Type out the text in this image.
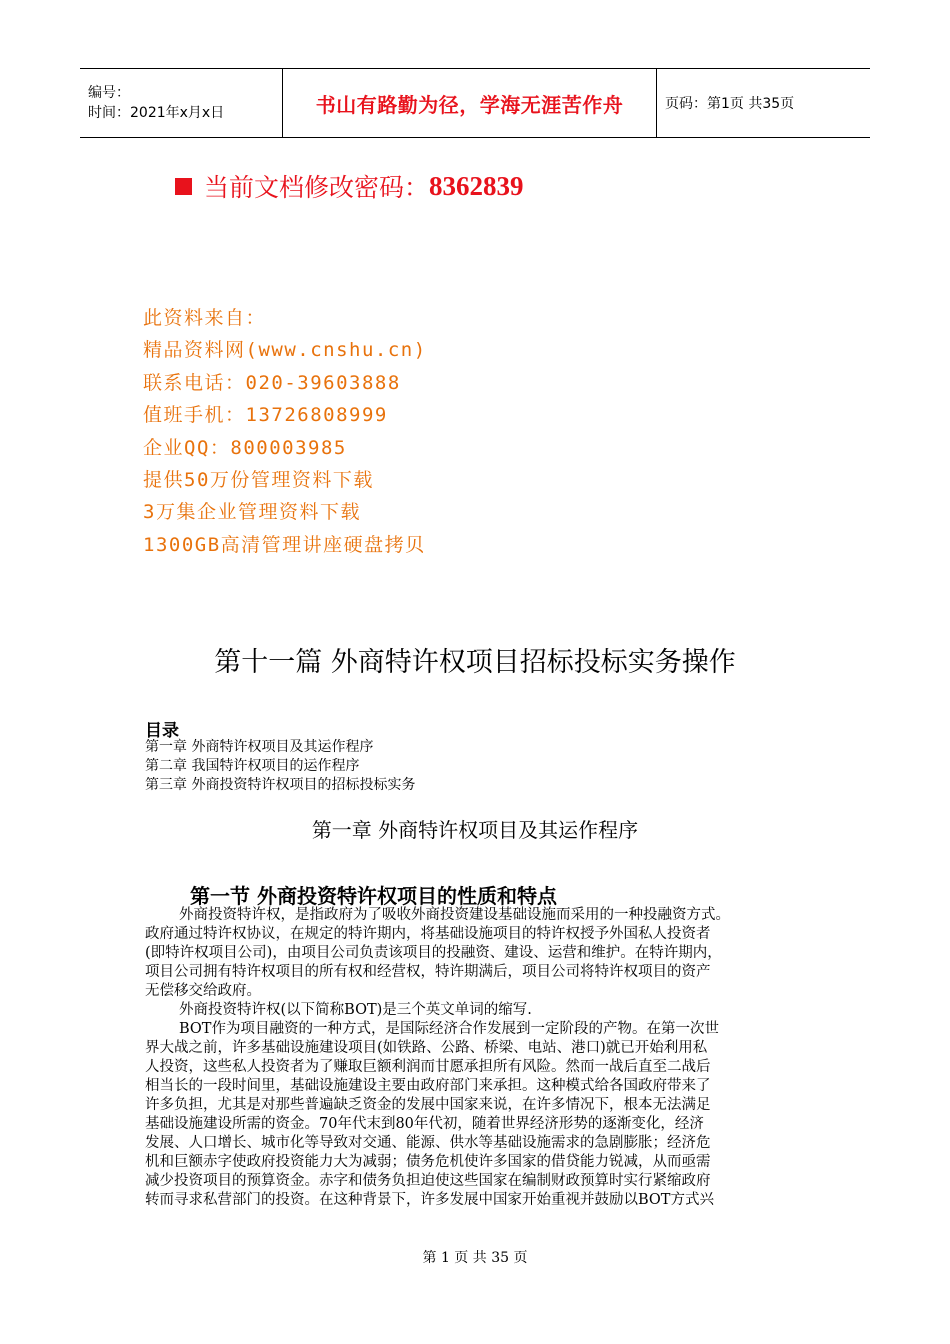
编号：
时间：2021年x月x日	书山有路勤为径，学海无涯苦作舟	页码：第1页 共35页
当前文档修改密码： 8362839
此资料来自：
精品资料网(www.cnshu.cn)
联系电话：020-39603888
值班手机：13726808999
企业QQ：800003985
提供50万份管理资料下载
3万集企业管理资料下载
1300GB高清管理讲座硬盘拷贝
第十一篇 外商特许权项目招标投标实务操作
目录
第一章 外商特许权项目及其运作程序
第二章 我国特许权项目的运作程序
第三章 外商投资特许权项目的招标投标实务
第一章 外商特许权项目及其运作程序
第一节 外商投资特许权项目的性质和特点
外商投资特许权，是指政府为了吸收外商投资建设基础设施而采用的一种投融资方式。
政府通过特许权协议，在规定的特许期内，将基础设施项目的特许权授予外国私人投资者
(即特许权项目公司)，由项目公司负责该项目的投融资、建设、运营和维护。在特许期内，
项目公司拥有特许权项目的所有权和经营权，特许期满后，项目公司将特许权项目的资产
无偿移交给政府。
外商投资特许权(以下简称BOT)是三个英文单词的缩写.
BOT作为项目融资的一种方式，是国际经济合作发展到一定阶段的产物。在第一次世
界大战之前，许多基础设施建设项目(如铁路、公路、桥梁、电站、港口)就已开始利用私
人投资，这些私人投资者为了赚取巨额利润而甘愿承担所有风险。然而一战后直至二战后
相当长的一段时间里，基础设施建设主要由政府部门来承担。这种模式给各国政府带来了
许多负担，尤其是对那些普遍缺乏资金的发展中国家来说，在许多情况下，根本无法满足
基础设施建设所需的资金。70年代末到80年代初，随着世界经济形势的逐渐变化，经济
发展、人口增长、城市化等导致对交通、能源、供水等基础设施需求的急剧膨胀；经济危
机和巨额赤字使政府投资能力大为减弱；债务危机使许多国家的借贷能力锐减，从而亟需
减少投资项目的预算资金。赤字和债务负担迫使这些国家在编制财政预算时实行紧缩政府
转而寻求私营部门的投资。在这种背景下，许多发展中国家开始重视并鼓励以BOT方式兴
第 1 页 共 35 页
